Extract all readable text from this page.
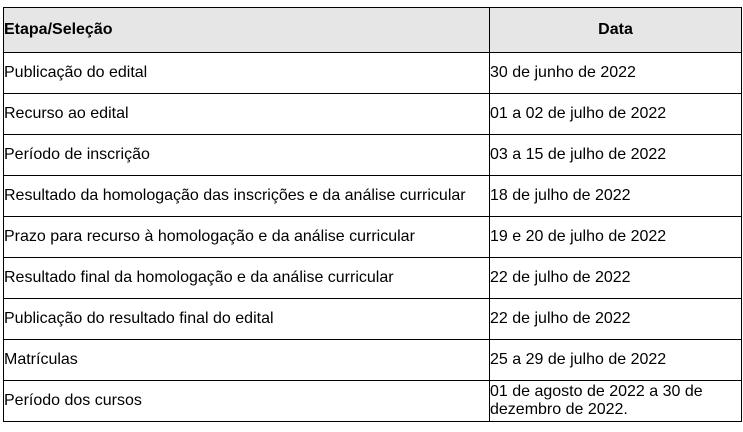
Etapa/Seleção	Data
Publicação do edital	30 de junho de 2022
Recurso ao edital	01 a 02 de julho de 2022
Período de inscrição	03 a 15 de julho de 2022
Resultado da homologação das inscrições e da análise curricular	18 de julho de 2022
Prazo para recurso à homologação e da análise curricular	19 e 20 de julho de 2022
Resultado final da homologação e da análise curricular	22 de julho de 2022
Publicação do resultado final do edital	22 de julho de 2022
Matrículas	25 a 29 de julho de 2022
Período dos cursos	01 de agosto de 2022 a 30 de dezembro de 2022.
